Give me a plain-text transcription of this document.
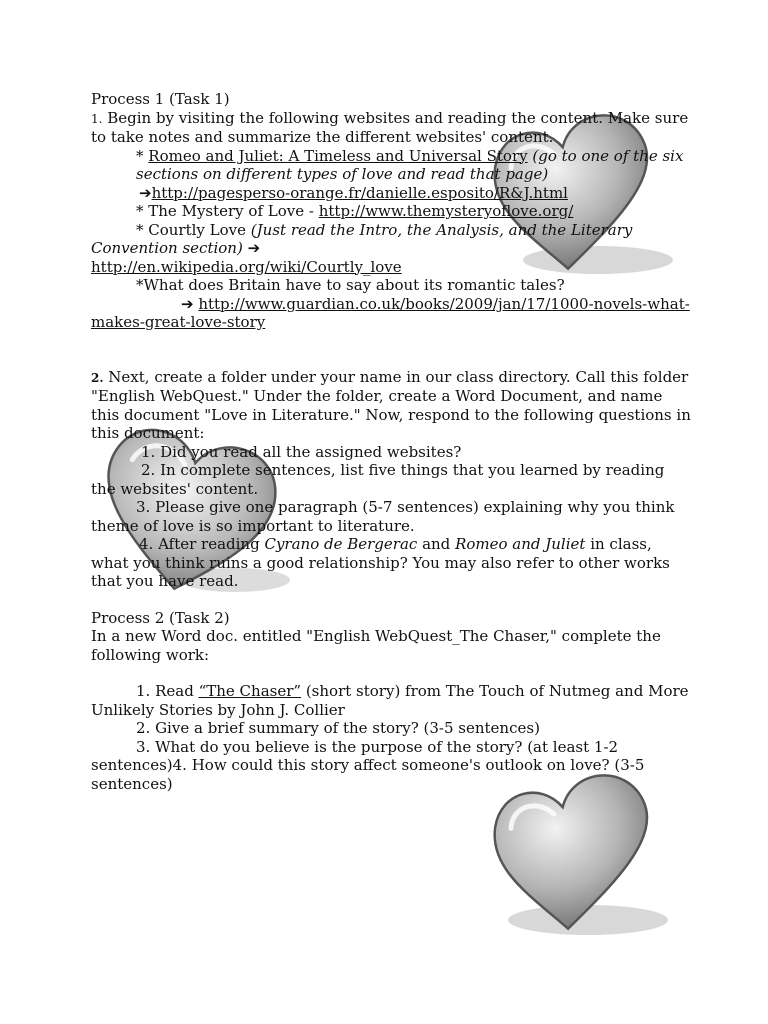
Process 1 (Task 1)

1. Begin by visiting the following websites and reading the content. Make sure to take notes and summarize the different websites' content.

* Romeo and Juliet: A Timeless and Universal Story (go to one of the six sections on different types of love and read that page)

➔http://pagesperso-orange.fr/danielle.esposito/R&J.html

* The Mystery of Love - http://www.themysteryoflove.org/

* Courtly Love (Just read the Intro, the Analysis, and the Literary Convention section) ➔
http://en.wikipedia.org/wiki/Courtly_love

*What does Britain have to say about its romantic tales?

➔ http://www.guardian.co.uk/books/2009/jan/17/1000-novels-what-makes-great-love-story

2. Next, create a folder under your name in our class directory. Call this folder "English WebQuest." Under the folder, create a Word Document, and name this document "Love in Literature." Now, respond to the following questions in this document:

1. Did you read all the assigned websites?

2. In complete sentences, list five things that you learned by reading the websites' content.

3. Please give one paragraph (5-7 sentences) explaining why you think theme of love is so important to literature.

4. After reading Cyrano de Bergerac and Romeo and Juliet in class, what you think ruins a good relationship? You may also refer to other works that you have read.

Process 2 (Task 2)

In a new Word doc. entitled "English WebQuest_The Chaser," complete the following work:

1. Read “The Chaser” (short story) from The Touch of Nutmeg and More Unlikely Stories by John J. Collier

2. Give a brief summary of the story? (3-5 sentences)

3. What do you believe is the purpose of the story? (at least 1-2 sentences)4. How could this story affect someone's outlook on love? (3-5 sentences)
